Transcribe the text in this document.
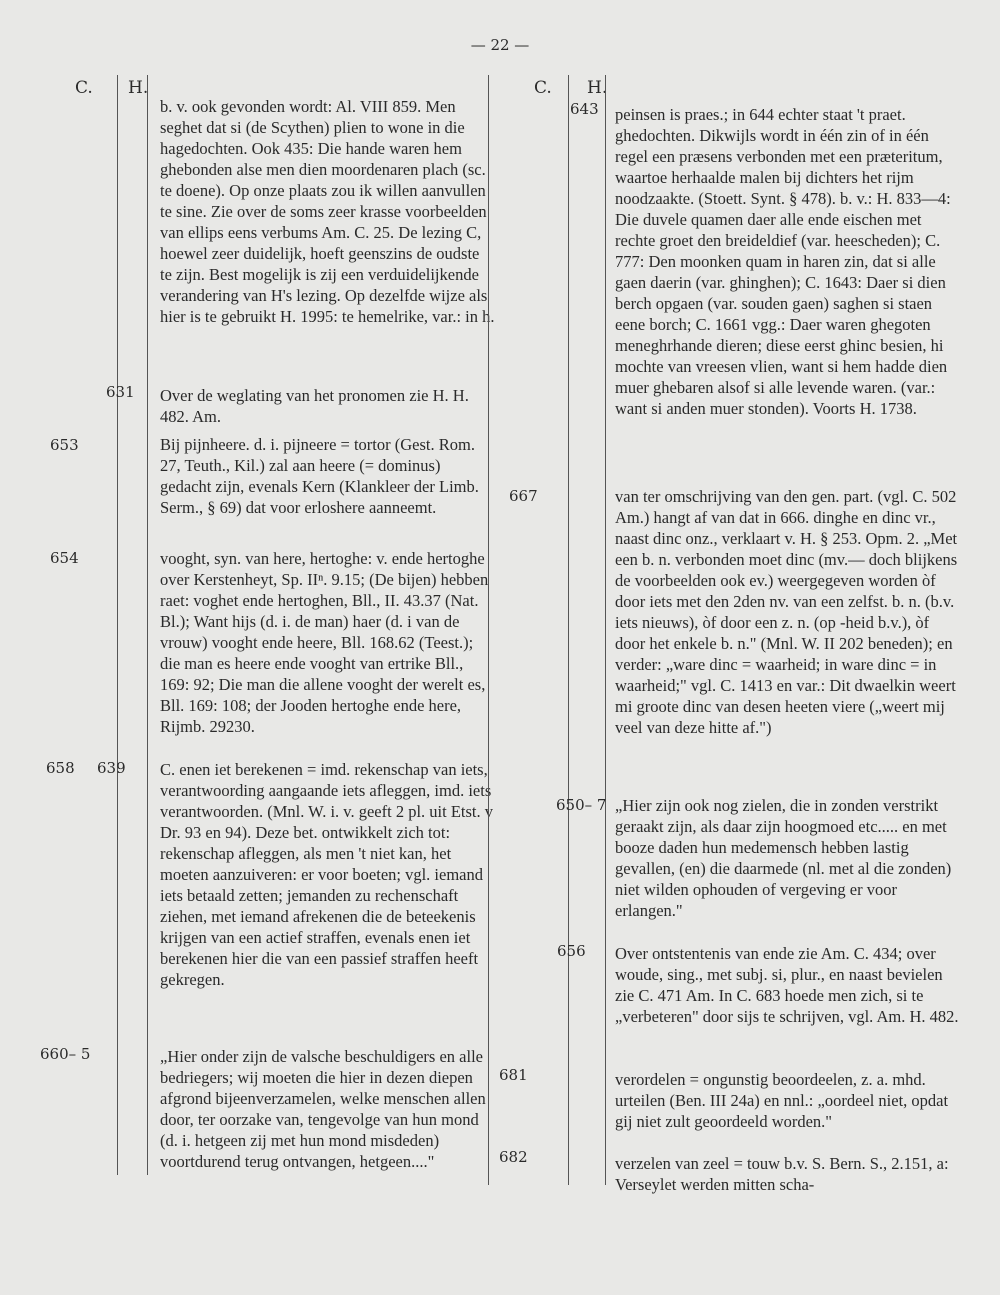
— 22 —
C. H.

b. v. ook gevonden wordt: Al. VIII 859. Men seghet dat si (de Scythen) plien to wone in die hagedochten. Ook 435: Die hande waren hem ghebonden alse men dien moordenaren plach (sc. te doene). Op onze plaats zou ik willen aanvullen te sine. Zie over de soms zeer krasse voorbeelden van ellips eens verbums Am. C. 25. De lezing C, hoewel zeer duidelijk, hoeft geenszins de oudste te zijn. Best mogelijk is zij een verduidelijkende verandering van H's lezing. Op dezelfde wijze als hier is te gebruikt H. 1995: te hemelrike, var.: in h.

631 Over de weglating van het pronomen zie H. H. 482. Am.

653	Bij pijnheere. d. i. pijneere = tortor (Gest. Rom. 27, Teuth., Kil.) zal aan heere (= dominus) gedacht zijn, evenals Kern (Klankleer der Limb. Serm., § 69) dat voor erloshere aanneemt.

654	vooght, syn. van here, hertoghe: v. ende hertoghe over Kerstenheyt, Sp. IIⁿ. 9.15; (De bijen) hebben raet: voghet ende hertoghen, Bll., II. 43.37 (Nat. Bl.); Want hijs (d. i. de man) haer (d. i van de vrouw) vooght ende heere, Bll. 168.62 (Teest.); die man es heere ende vooght van ertrike Bll., 169: 92; Die man die allene vooght der werelt es, Bll. 169: 108; der Jooden hertoghe ende here, Rijmb. 29230.

658 639 C. enen iet berekenen = imd. rekenschap van iets, verantwoording aangaande iets afleggen, imd. iets verantwoorden. (Mnl. W. i. v. geeft 2 pl. uit Etst. v Dr. 93 en 94). Deze bet. ontwikkelt zich tot: rekenschap afleggen, als men 't niet kan, het moeten aanzuiveren: er voor boeten; vgl. iemand iets betaald zetten; jemanden zu rechenschaft ziehen, met iemand afrekenen die de beteekenis krijgen van een actief straffen, evenals enen iet berekenen hier die van een passief straffen heeft gekregen.

660– 5	„Hier onder zijn de valsche beschuldigers en alle bedriegers; wij moeten die hier in dezen diepen afgrond bijeenverzamelen, welke menschen allen door, ter oorzake van, tengevolge van hun mond (d. i. hetgeen zij met hun mond misdeden) voortdurend terug ontvangen, hetgeen...."

C. H.
643 peinsen is praes.; in 644 echter staat 't praet. ghedochten. Dikwijls wordt in één zin of in één regel een præsens verbonden met een præteritum, waartoe herhaalde malen bij dichters het rijm noodzaakte. (Stoett. Synt. § 478). b. v.: H. 833—4: Die duvele quamen daer alle ende eischen met rechte groet den breideldief (var. heescheden); C. 777: Den moonken quam in haren zin, dat si alle gaen daerin (var. ghinghen); C. 1643: Daer si dien berch opgaen (var. souden gaen) saghen si staen eene borch; C. 1661 vgg.: Daer waren ghegoten meneghrhande dieren; diese eerst ghinc besien, hi mochte van vreesen vlien, want si hem hadde dien muer ghebaren alsof si alle levende waren. (var.: want si anden muer stonden). Voorts H. 1738.

667	van ter omschrijving van den gen. part. (vgl. C. 502 Am.) hangt af van dat in 666. dinghe en dinc vr., naast dinc onz., verklaart v. H. § 253. Opm. 2. „Met een b. n. verbonden moet dinc (mv.— doch blijkens de voorbeelden ook ev.) weergegeven worden òf door iets met den 2den nv. van een zelfst. b. n. (b.v. iets nieuws), òf door een z. n. (op -heid b.v.), òf door het enkele b. n." (Mnl. W. II 202 beneden); en verder: „ware dinc = waarheid; in ware dinc = in waarheid;" vgl. C. 1413 en var.: Dit dwaelkin weert mi groote dinc van desen heeten viere („weert mij veel van deze hitte af.")

650– 7 „Hier zijn ook nog zielen, die in zonden verstrikt geraakt zijn, als daar zijn hoogmoed etc..... en met booze daden hun medemensch hebben lastig gevallen, (en) die daarmede (nl. met al die zonden) niet wilden ophouden of vergeving er voor erlangen."

656 Over ontstentenis van ende zie Am. C. 434; over woude, sing., met subj. si, plur., en naast bevielen zie C. 471 Am. In C. 683 hoede men zich, si te „verbeteren" door sijs te schrijven, vgl. Am. H. 482.

681	verordelen = ongunstig beoordeelen, z. a. mhd. urteilen (Ben. III 24a) en nnl.: „oordeel niet, opdat gij niet zult geoordeeld worden."

682	verzelen van zeel = touw b.v. S. Bern. S., 2.151, a: Verseylet werden mitten scha-
